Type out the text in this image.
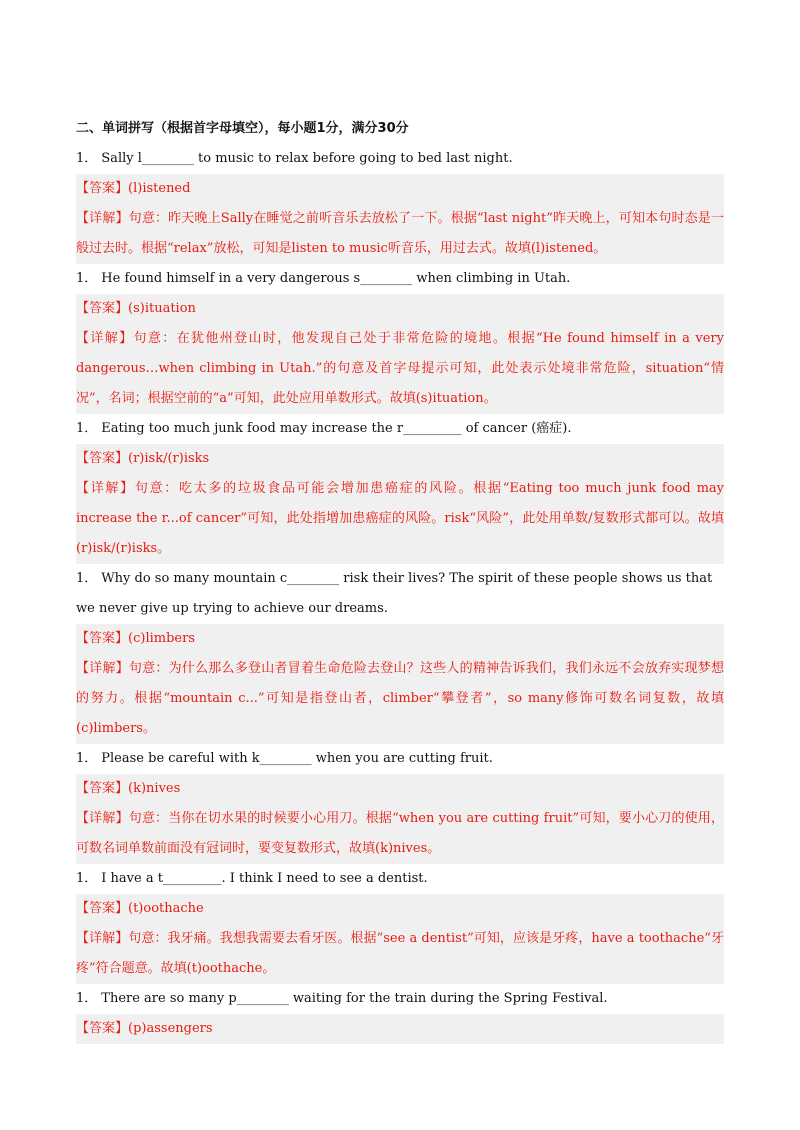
二、单词拼写（根据首字母填空），每小题1分，满分30分
1． Sally l________ to music to relax before going to bed last night.
【答案】(l)istened
【详解】句意：昨天晚上Sally在睡觉之前听音乐去放松了一下。根据“last night”昨天晚上，可知本句时态是一般过去时。根据“relax”放松，可知是listen to music听音乐，用过去式。故填(l)istened。
1． He found himself in a very dangerous s________ when climbing in Utah.
【答案】(s)ituation
【详解】句意：在犹他州登山时，他发现自己处于非常危险的境地。根据“He found himself in a very dangerous…when climbing in Utah.”的句意及首字母提示可知，此处表示处境非常危险，situation“情况”，名词；根据空前的“a”可知，此处应用单数形式。故填(s)ituation。
1． Eating too much junk food may increase the r_________ of cancer (癌症).
【答案】(r)isk/(r)isks
【详解】句意：吃太多的垃圾食品可能会增加患癌症的风险。根据“Eating too much junk food may increase the r...of cancer”可知，此处指增加患癌症的风险。risk“风险”，此处用单数/复数形式都可以。故填(r)isk/(r)isks。
1． Why do so many mountain c________ risk their lives? The spirit of these people shows us that we never give up trying to achieve our dreams.
【答案】(c)limbers
【详解】句意：为什么那么多登山者冒着生命危险去登山？这些人的精神告诉我们，我们永远不会放弃实现梦想的努力。根据“mountain c...”可知是指登山者，climber“攀登者”，so many修饰可数名词复数，故填(c)limbers。
1． Please be careful with k________ when you are cutting fruit.
【答案】(k)nives
【详解】句意：当你在切水果的时候要小心用刀。根据“when you are cutting fruit”可知，要小心刀的使用，可数名词单数前面没有冠词时，要变复数形式，故填(k)nives。
1． I have a t_________. I think I need to see a dentist.
【答案】(t)oothache
【详解】句意：我牙痛。我想我需要去看牙医。根据“see a dentist”可知，应该是牙疼，have a toothache“牙疼”符合题意。故填(t)oothache。
1． There are so many p________ waiting for the train during the Spring Festival.
【答案】(p)assengers
